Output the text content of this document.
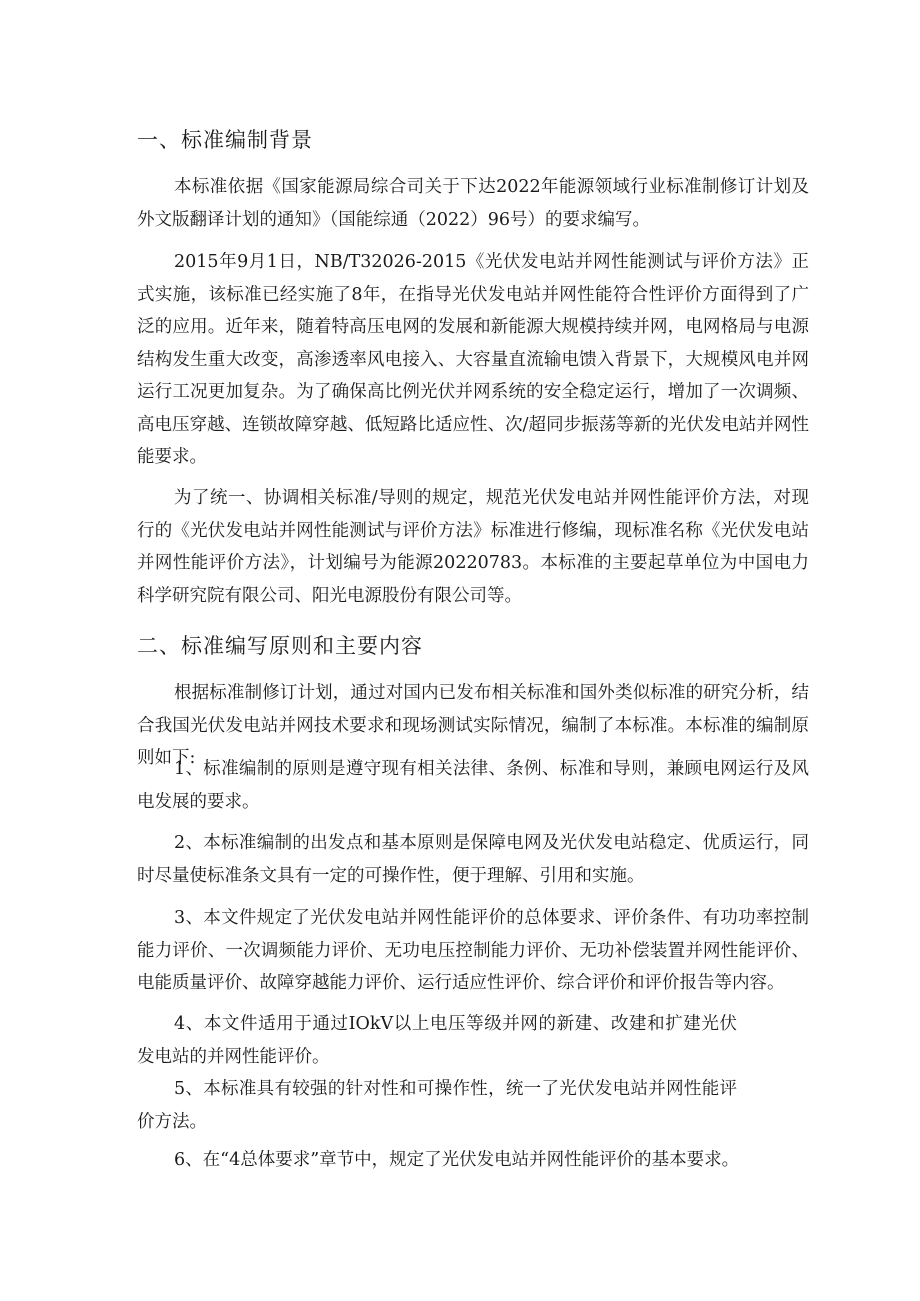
一、标准编制背景

本标准依据《国家能源局综合司关于下达2022年能源领域行业标准制修订计划及外文版翻译计划的通知》（国能综通（2022）96号）的要求编写。

2015年9月1日，NB/T32026-2015《光伏发电站并网性能测试与评价方法》正式实施，该标准已经实施了8年，在指导光伏发电站并网性能符合性评价方面得到了广泛的应用。近年来，随着特高压电网的发展和新能源大规模持续并网，电网格局与电源结构发生重大改变，高渗透率风电接入、大容量直流输电馈入背景下，大规模风电并网运行工况更加复杂。为了确保高比例光伏并网系统的安全稳定运行，增加了一次调频、高电压穿越、连锁故障穿越、低短路比适应性、次/超同步振荡等新的光伏发电站并网性能要求。

为了统一、协调相关标准/导则的规定，规范光伏发电站并网性能评价方法，对现行的《光伏发电站并网性能测试与评价方法》标准进行修编，现标准名称《光伏发电站并网性能评价方法》，计划编号为能源20220783。本标准的主要起草单位为中国电力科学研究院有限公司、阳光电源股份有限公司等。

二、标准编写原则和主要内容

根据标准制修订计划，通过对国内已发布相关标准和国外类似标准的研究分析，结合我国光伏发电站并网技术要求和现场测试实际情况，编制了本标准。本标准的编制原则如下:

1、标准编制的原则是遵守现有相关法律、条例、标准和导则，兼顾电网运行及风电发展的要求。

2、本标准编制的出发点和基本原则是保障电网及光伏发电站稳定、优质运行，同时尽量使标准条文具有一定的可操作性，便于理解、引用和实施。

3、本文件规定了光伏发电站并网性能评价的总体要求、评价条件、有功功率控制能力评价、一次调频能力评价、无功电压控制能力评价、无功补偿装置并网性能评价、电能质量评价、故障穿越能力评价、运行适应性评价、综合评价和评价报告等内容。

4、本文件适用于通过IOkV以上电压等级并网的新建、改建和扩建光伏发电站的并网性能评价。

5、本标准具有较强的针对性和可操作性，统一了光伏发电站并网性能评价方法。

6、在“4总体要求”章节中，规定了光伏发电站并网性能评价的基本要求。
